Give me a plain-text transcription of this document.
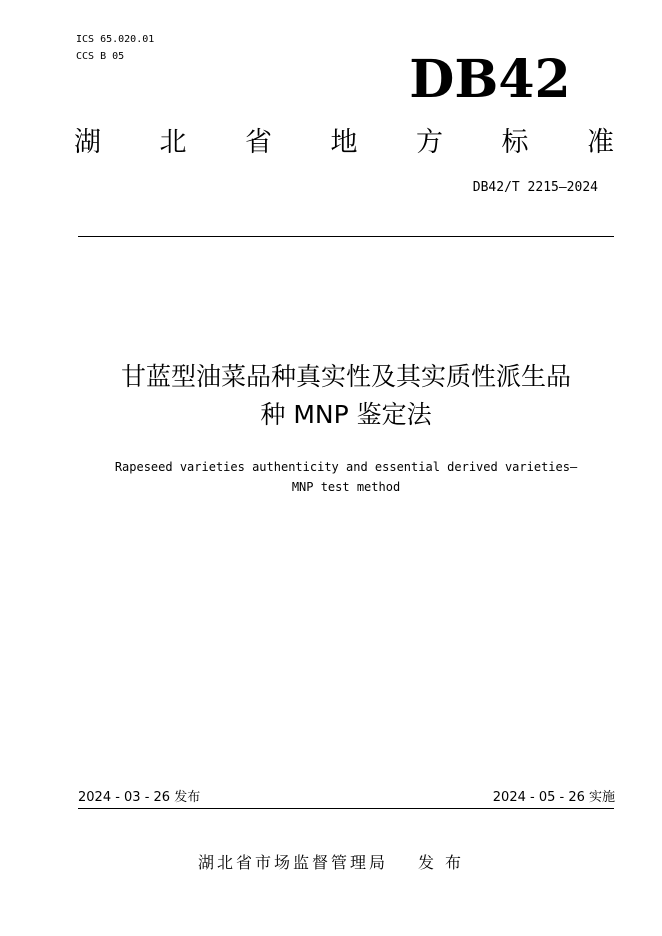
ICS 65.020.01
CCS B 05	DB42
湖 北 省 地 方 标 准
DB42/T 2215—2024
甘蓝型油菜品种真实性及其实质性派生品
种 MNP 鉴定法
Rapeseed varieties authenticity and essential derived varieties—
MNP test method
2024 - 03 - 26 发布	2024 - 05 - 26 实施
湖北省市场监督管理局 发 布
